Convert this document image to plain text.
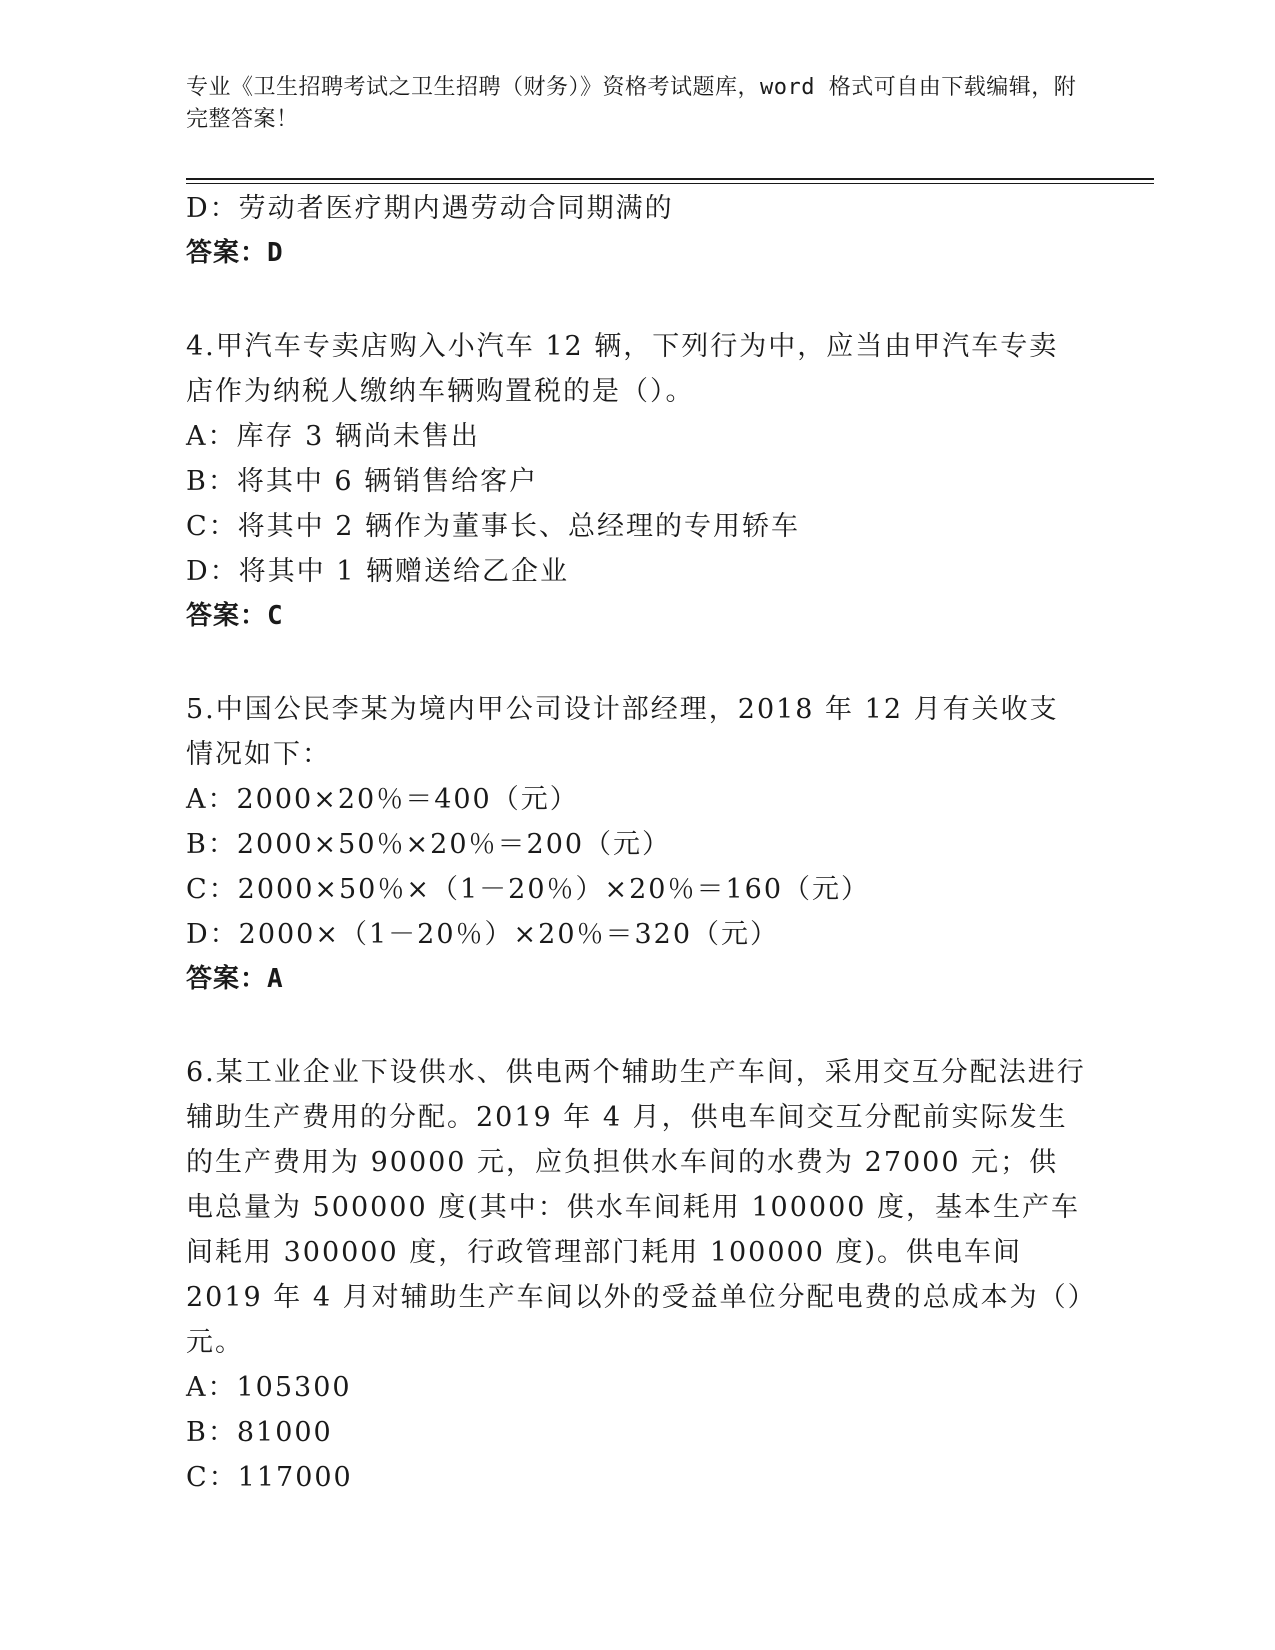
专业《卫生招聘考试之卫生招聘（财务）》资格考试题库，word 格式可自由下载编辑，附完整答案！
D：劳动者医疗期内遇劳动合同期满的
答案：D
4.甲汽车专卖店购入小汽车 12 辆，下列行为中，应当由甲汽车专卖店作为纳税人缴纳车辆购置税的是（）。
A：库存 3 辆尚未售出
B：将其中 6 辆销售给客户
C：将其中 2 辆作为董事长、总经理的专用轿车
D：将其中 1 辆赠送给乙企业
答案：C
5.中国公民李某为境内甲公司设计部经理，2018 年 12 月有关收支情况如下：
A：2000×20％＝400（元）
B：2000×50％×20％＝200（元）
C：2000×50％×（1－20％）×20％＝160（元）
D：2000×（1－20％）×20％＝320（元）
答案：A
6.某工业企业下设供水、供电两个辅助生产车间，采用交互分配法进行辅助生产费用的分配。2019 年 4 月，供电车间交互分配前实际发生的生产费用为 90000 元，应负担供水车间的水费为 27000 元；供电总量为 500000 度(其中：供水车间耗用 100000 度，基本生产车间耗用 300000 度，行政管理部门耗用 100000 度)。供电车间 2019 年 4 月对辅助生产车间以外的受益单位分配电费的总成本为（）元。
A：105300
B：81000
C：117000
